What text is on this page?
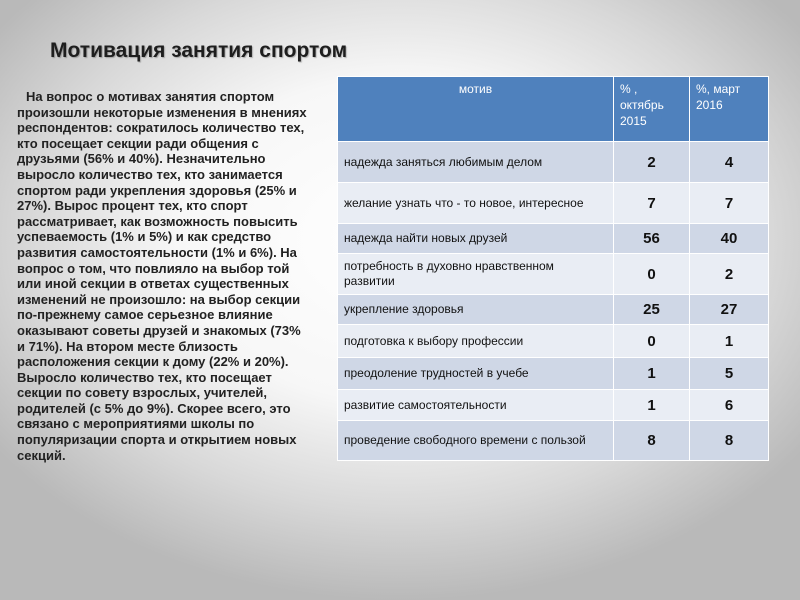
Мотивация занятия спортом
На вопрос о мотивах занятия спортом произошли некоторые изменения в мнениях респондентов: сократилось количество тех, кто посещает секции ради общения с друзьями (56% и 40%). Незначительно выросло количество тех, кто занимается спортом ради укрепления здоровья (25% и 27%). Вырос процент тех, кто спорт рассматривает, как возможность повысить успеваемость (1% и 5%) и как средство развития самостоятельности (1% и 6%). На вопрос о том, что повлияло на выбор той или иной секции в ответах существенных изменений не произошло: на выбор секции по-прежнему самое серьезное влияние оказывают советы друзей и знакомых (73% и 71%). На втором месте близость расположения секции к дому (22% и 20%). Выросло количество тех, кто посещает секции по совету взрослых, учителей, родителей (с 5% до 9%). Скорее всего, это связано с мероприятиями школы по популяризации спорта и открытием новых секций.
мотив	% , октябрь 2015	%, март 2016
надежда заняться любимым делом	2	4
желание узнать что - то новое, интересное	7	7
надежда найти новых друзей	56	40
потребность в духовно нравственном развитии	0	2
укрепление здоровья	25	27
подготовка к выбору профессии	0	1
преодоление трудностей в учебе	1	5
развитие самостоятельности	1	6
проведение свободного времени с пользой	8	8
